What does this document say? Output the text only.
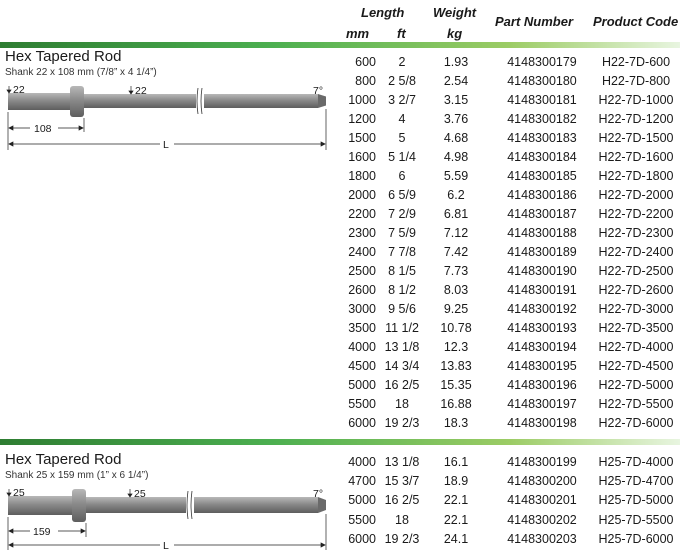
Length
mm ft
Weight
kg
Part Number Product Code
Hex Tapered Rod
Shank 22 x 108 mm (7/8” x 4 1/4”)
22	22	7°
108
L
600	2	1.93	4148300179	H22-7D-600
800 2 5/8	2.54	4148300180	H22-7D-800
1000 3 2/7	3.15	4148300181	H22-7D-1000
1200	4	3.76	4148300182	H22-7D-1200
1500	5	4.68	4148300183	H22-7D-1500
1600 5 1/4	4.98	4148300184	H22-7D-1600
1800	6	5.59	4148300185	H22-7D-1800
2000 6 5/9	6.2	4148300186	H22-7D-2000
2200 7 2/9	6.81	4148300187	H22-7D-2200
2300 7 5/9	7.12	4148300188	H22-7D-2300
2400 7 7/8	7.42	4148300189	H22-7D-2400
2500 8 1/5	7.73	4148300190	H22-7D-2500
2600 8 1/2	8.03	4148300191	H22-7D-2600
3000 9 5/6	9.25	4148300192	H22-7D-3000
3500 11 1/2	10.78	4148300193	H22-7D-3500
4000 13 1/8	12.3	4148300194	H22-7D-4000
4500 14 3/4	13.83	4148300195	H22-7D-4500
5000 16 2/5	15.35	4148300196	H22-7D-5000
5500	18	16.88	4148300197	H22-7D-5500
6000 19 2/3	18.3	4148300198	H22-7D-6000
Hex Tapered Rod
Shank 25 x 159 mm (1” x 6 1/4”)
25	25	7°
159
L
4000 13 1/8	16.1	4148300199	H25-7D-4000
4700 15 3/7	18.9	4148300200	H25-7D-4700
5000 16 2/5	22.1	4148300201	H25-7D-5000
5500	18	22.1	4148300202	H25-7D-5500
6000 19 2/3	24.1	4148300203	H25-7D-6000
